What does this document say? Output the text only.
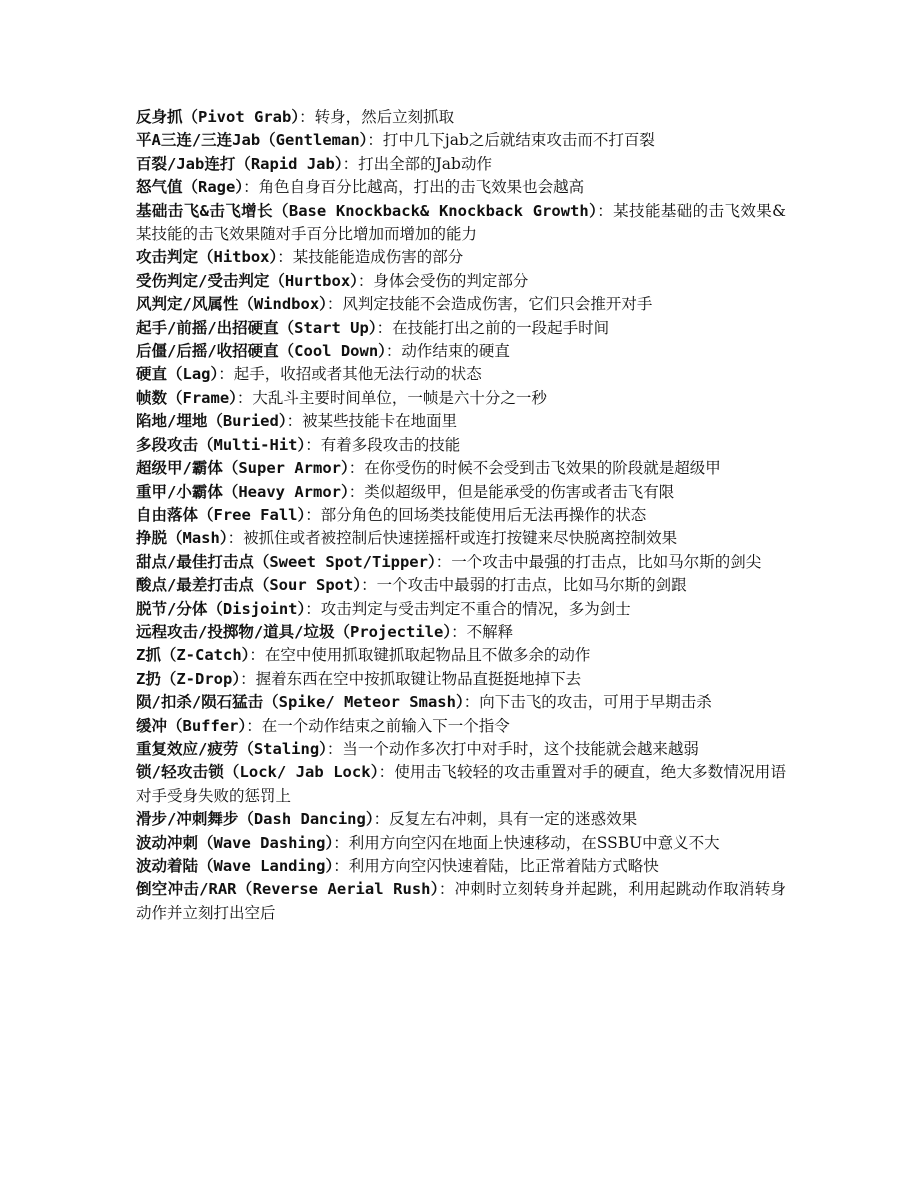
反身抓（Pivot Grab）：转身，然后立刻抓取

平A三连/三连Jab（Gentleman）：打中几下jab之后就结束攻击而不打百裂

百裂/Jab连打（Rapid Jab）：打出全部的Jab动作

怒气值（Rage）：角色自身百分比越高，打出的击飞效果也会越高

基础击飞&击飞增长（Base Knockback& Knockback Growth）：某技能基础的击飞效果&某技能的击飞效果随对手百分比增加而增加的能力

攻击判定（Hitbox）：某技能能造成伤害的部分

受伤判定/受击判定（Hurtbox）：身体会受伤的判定部分

风判定/风属性（Windbox）：风判定技能不会造成伤害，它们只会推开对手

起手/前摇/出招硬直（Start Up）：在技能打出之前的一段起手时间

后僵/后摇/收招硬直（Cool Down）：动作结束的硬直

硬直（Lag）：起手，收招或者其他无法行动的状态

帧数（Frame）：大乱斗主要时间单位，一帧是六十分之一秒

陷地/埋地（Buried）：被某些技能卡在地面里

多段攻击（Multi-Hit）：有着多段攻击的技能

超级甲/霸体（Super Armor）：在你受伤的时候不会受到击飞效果的阶段就是超级甲

重甲/小霸体（Heavy Armor）：类似超级甲，但是能承受的伤害或者击飞有限

自由落体（Free Fall）：部分角色的回场类技能使用后无法再操作的状态

挣脱（Mash）：被抓住或者被控制后快速搓摇杆或连打按键来尽快脱离控制效果

甜点/最佳打击点（Sweet Spot/Tipper）：一个攻击中最强的打击点，比如马尔斯的剑尖

酸点/最差打击点（Sour Spot）：一个攻击中最弱的打击点，比如马尔斯的剑跟

脱节/分体（Disjoint）：攻击判定与受击判定不重合的情况，多为剑士

远程攻击/投掷物/道具/垃圾（Projectile）：不解释

Z抓（Z-Catch）：在空中使用抓取键抓取起物品且不做多余的动作

Z扔（Z-Drop）：握着东西在空中按抓取键让物品直挺挺地掉下去

陨/扣杀/陨石猛击（Spike/ Meteor Smash）：向下击飞的攻击，可用于早期击杀

缓冲（Buffer）：在一个动作结束之前输入下一个指令

重复效应/疲劳（Staling）：当一个动作多次打中对手时，这个技能就会越来越弱

锁/轻攻击锁（Lock/ Jab Lock）：使用击飞较轻的攻击重置对手的硬直，绝大多数情况用语对手受身失败的惩罚上

滑步/冲刺舞步（Dash Dancing）：反复左右冲刺，具有一定的迷惑效果

波动冲刺（Wave Dashing）：利用方向空闪在地面上快速移动，在SSBU中意义不大

波动着陆（Wave Landing）：利用方向空闪快速着陆，比正常着陆方式略快

倒空冲击/RAR（Reverse Aerial Rush）：冲刺时立刻转身并起跳，利用起跳动作取消转身动作并立刻打出空后
